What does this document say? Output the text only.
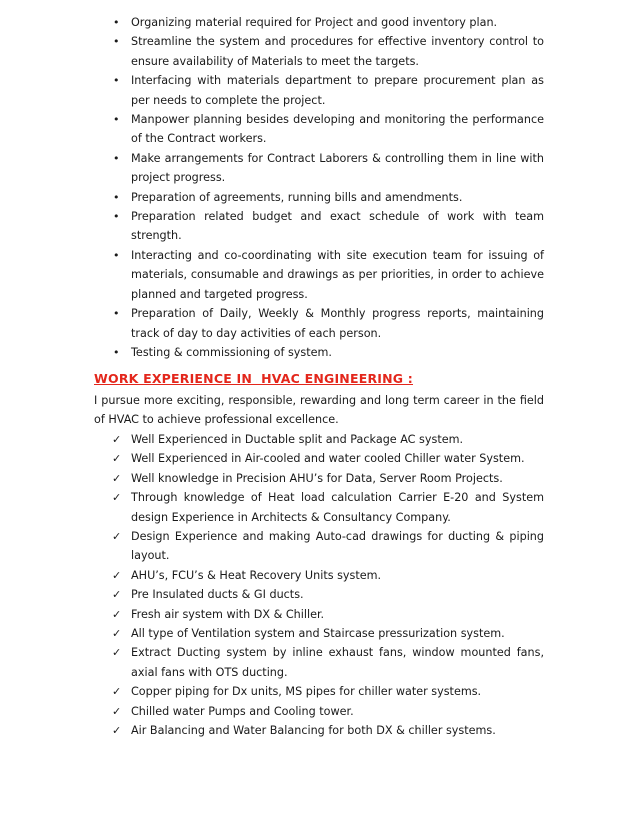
• Organizing material required for Project and good inventory plan.
• Streamline the system and procedures for effective inventory control to ensure availability of Materials to meet the targets.
• Interfacing with materials department to prepare procurement plan as per needs to complete the project.
• Manpower planning besides developing and monitoring the performance of the Contract workers.
• Make arrangements for Contract Laborers & controlling them in line with project progress.
• Preparation of agreements, running bills and amendments.
• Preparation related budget and exact schedule of work with team strength.
• Interacting and co-coordinating with site execution team for issuing of materials, consumable and drawings as per priorities, in order to achieve planned and targeted progress.
• Preparation of Daily, Weekly & Monthly progress reports, maintaining track of day to day activities of each person.
• Testing & commissioning of system.
WORK EXPERIENCE IN  HVAC ENGINEERING :

I pursue more exciting, responsible, rewarding and long term career in the field of HVAC to achieve professional excellence.

✓ Well Experienced in Ductable split and Package AC system.
✓ Well Experienced in Air-cooled and water cooled Chiller water System.
✓ Well knowledge in Precision AHU’s for Data, Server Room Projects.
✓ Through knowledge of Heat load calculation Carrier E-20 and System design Experience in Architects & Consultancy Company.
✓ Design Experience and making Auto-cad drawings for ducting & piping layout.
✓ AHU’s, FCU’s & Heat Recovery Units system.
✓ Pre Insulated ducts & GI ducts.
✓ Fresh air system with DX & Chiller.
✓ All type of Ventilation system and Staircase pressurization system.
✓ Extract Ducting system by inline exhaust fans, window mounted fans, axial fans with OTS ducting.
✓ Copper piping for Dx units, MS pipes for chiller water systems.
✓ Chilled water Pumps and Cooling tower.
✓ Air Balancing and Water Balancing for both DX & chiller systems.
